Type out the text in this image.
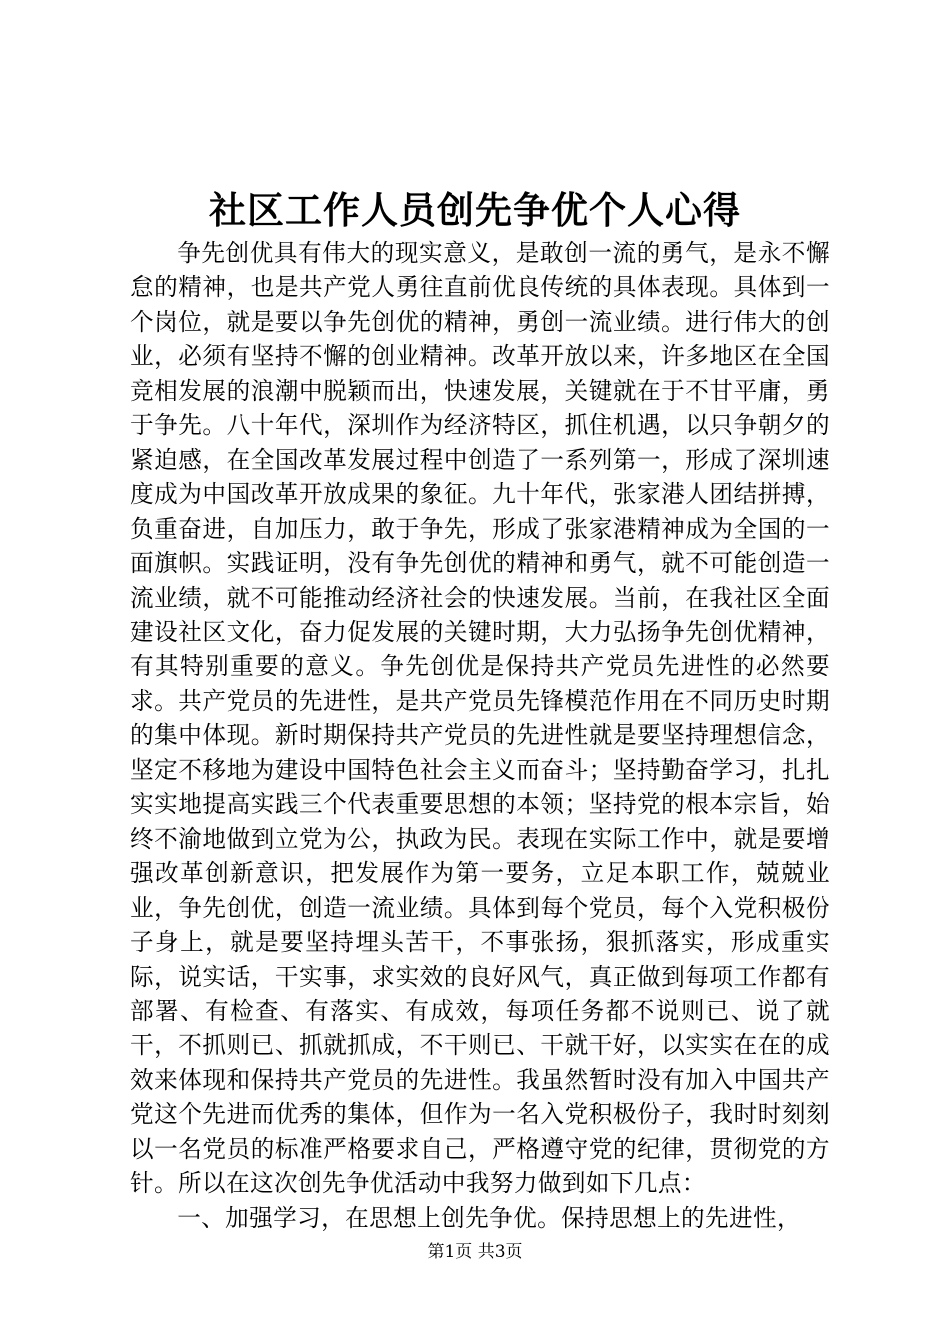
社区工作人员创先争优个人心得

争先创优具有伟大的现实意义，是敢创一流的勇气，是永不懈怠的精神，也是共产党人勇往直前优良传统的具体表现。具体到一个岗位，就是要以争先创优的精神，勇创一流业绩。进行伟大的创业，必须有坚持不懈的创业精神。改革开放以来，许多地区在全国竞相发展的浪潮中脱颖而出，快速发展，关键就在于不甘平庸，勇于争先。八十年代，深圳作为经济特区，抓住机遇，以只争朝夕的紧迫感，在全国改革发展过程中创造了一系列第一，形成了深圳速度成为中国改革开放成果的象征。九十年代，张家港人团结拼搏，负重奋进，自加压力，敢于争先，形成了张家港精神成为全国的一面旗帜。实践证明，没有争先创优的精神和勇气，就不可能创造一流业绩，就不可能推动经济社会的快速发展。当前，在我社区全面建设社区文化，奋力促发展的关键时期，大力弘扬争先创优精神，有其特别重要的意义。争先创优是保持共产党员先进性的必然要求。共产党员的先进性，是共产党员先锋模范作用在不同历史时期的集中体现。新时期保持共产党员的先进性就是要坚持理想信念，坚定不移地为建设中国特色社会主义而奋斗；坚持勤奋学习，扎扎实实地提高实践三个代表重要思想的本领；坚持党的根本宗旨，始终不渝地做到立党为公，执政为民。表现在实际工作中，就是要增强改革创新意识，把发展作为第一要务，立足本职工作，兢兢业业，争先创优，创造一流业绩。具体到每个党员，每个入党积极份子身上，就是要坚持埋头苦干，不事张扬，狠抓落实，形成重实际，说实话，干实事，求实效的良好风气，真正做到每项工作都有部署、有检查、有落实、有成效，每项任务都不说则已、说了就干，不抓则已、抓就抓成，不干则已、干就干好，以实实在在的成效来体现和保持共产党员的先进性。我虽然暂时没有加入中国共产党这个先进而优秀的集体，但作为一名入党积极份子，我时时刻刻以一名党员的标准严格要求自己，严格遵守党的纪律，贯彻党的方针。所以在这次创先争优活动中我努力做到如下几点：

一、加强学习，在思想上创先争优。保持思想上的先进性，

第1页 共3页
